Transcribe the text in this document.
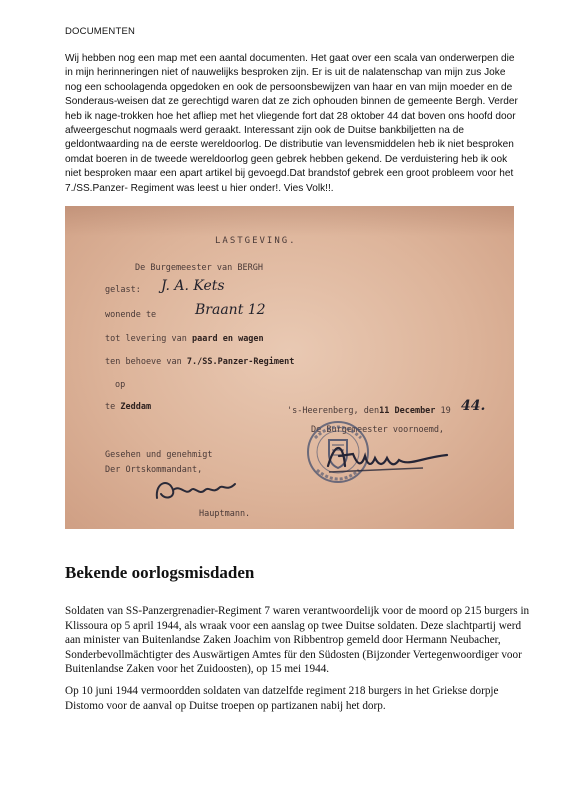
DOCUMENTEN
Wij hebben nog een map met een aantal documenten. Het gaat over een scala van onderwerpen die in mijn herinneringen niet of nauwelijks besproken zijn. Er is uit de nalatenschap van mijn zus Joke nog een schoolagenda opgedoken en ook de persoonsbewijzen van haar en van mijn moeder en de Sonderaus-weisen dat ze gerechtigd waren dat ze zich ophouden binnen de gemeente Bergh. Verder heb ik nage-trokken hoe het afliep met het vliegende fort dat 28 oktober 44 dat boven ons hoofd door afweergeschut nogmaals werd geraakt. Interessant zijn ook de Duitse bankbiljetten na de geldontwaarding na de eerste wereldoorlog. De distributie van levensmiddelen heb ik niet besproken omdat boeren in de tweede wereldoorlog geen gebrek hebben gekend. De verduistering heb ik ook niet besproken maar een apart artikel bij gevoegd.Dat brandstof gebrek een groot probleem voor het 7./SS.Panzer- Regiment was leest u hier onder!. Vies Volk!!.
LASTGEVING.
De Burgemeester van BERGH
gelast: J. A. Kets
wonende te	Braant 12
tot levering van paard en wagen
ten behoeve van 7./SS.Panzer-Regiment
op
te Zeddam	's-Heerenberg, den11 December 19 44.
De Burgemeester voornoemd,
Gesehen und genehmigt
Der Ortskommandant,
Hauptmann.
Bekende oorlogsmisdaden
Soldaten van SS-Panzergrenadier-Regiment 7 waren verantwoordelijk voor de moord op 215 burgers in Klissoura op 5 april 1944, als wraak voor een aanslag op twee Duitse soldaten. Deze slachtpartij werd aan minister van Buitenlandse Zaken Joachim von Ribbentrop gemeld door Hermann Neubacher, Sonderbevollmächtigter des Auswärtigen Amtes für den Südosten (Bijzonder Vertegenwoordiger voor Buitenlandse Zaken voor het Zuidoosten), op 15 mei 1944.
Op 10 juni 1944 vermoordden soldaten van datzelfde regiment 218 burgers in het Griekse dorpje Distomo voor de aanval op Duitse troepen op partizanen nabij het dorp.
